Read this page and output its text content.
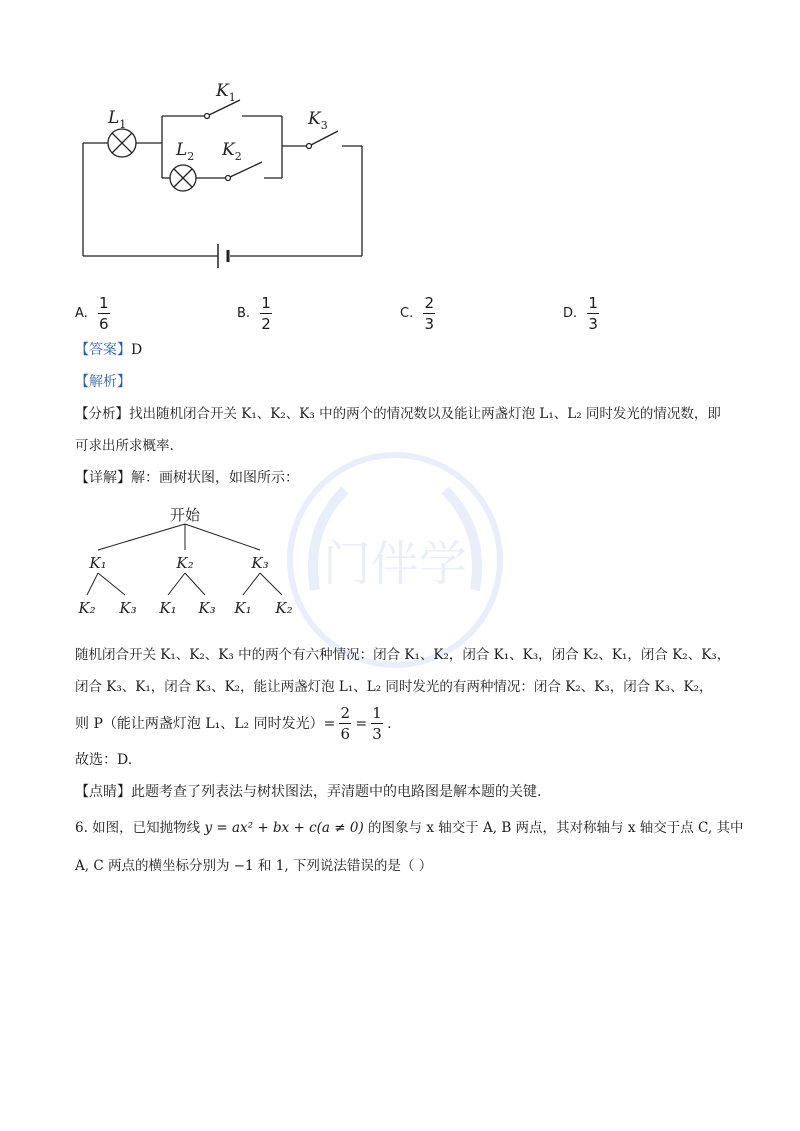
门伴学
$L_1$
$K_1$
$L_2$ $K_2$
$K_3$
A. $\frac{1}{6}$	B. $\frac{1}{2}$	C. $\frac{2}{3}$	D. $\frac{1}{3}$
【答案】D
【解析】
【分析】找出随机闭合开关 K₁、K₂、K₃ 中的两个的情况数以及能让两盏灯泡 L₁、L₂ 同时发光的情况数，即
可求出所求概率.
【详解】解：画树状图，如图所示：
开始
K₁	K₂	K₃
K₂ K₃ K₁ K₃ K₁ K₂
随机闭合开关 K₁、K₂、K₃ 中的两个有六种情况：闭合 K₁、K₂，闭合 K₁、K₃，闭合 K₂、K₁，闭合 K₂、K₃，
闭合 K₃、K₁，闭合 K₃、K₂，能让两盏灯泡 L₁、L₂ 同时发光的有两种情况：闭合 K₂、K₃，闭合 K₃、K₂，
则 P（能让两盏灯泡 L₁、L₂ 同时发光）= $\frac{2}{6} = \frac{1}{3}$ .
故选：D.
【点睛】此题考查了列表法与树状图法，弄清题中的电路图是解本题的关键.
6. 如图，已知抛物线 y = ax² + bx + c(a ≠ 0) 的图象与 x 轴交于 A, B 两点，其对称轴与 x 轴交于点 C, 其中
A, C 两点的横坐标分别为 −1 和 1, 下列说法错误的是（ ）
